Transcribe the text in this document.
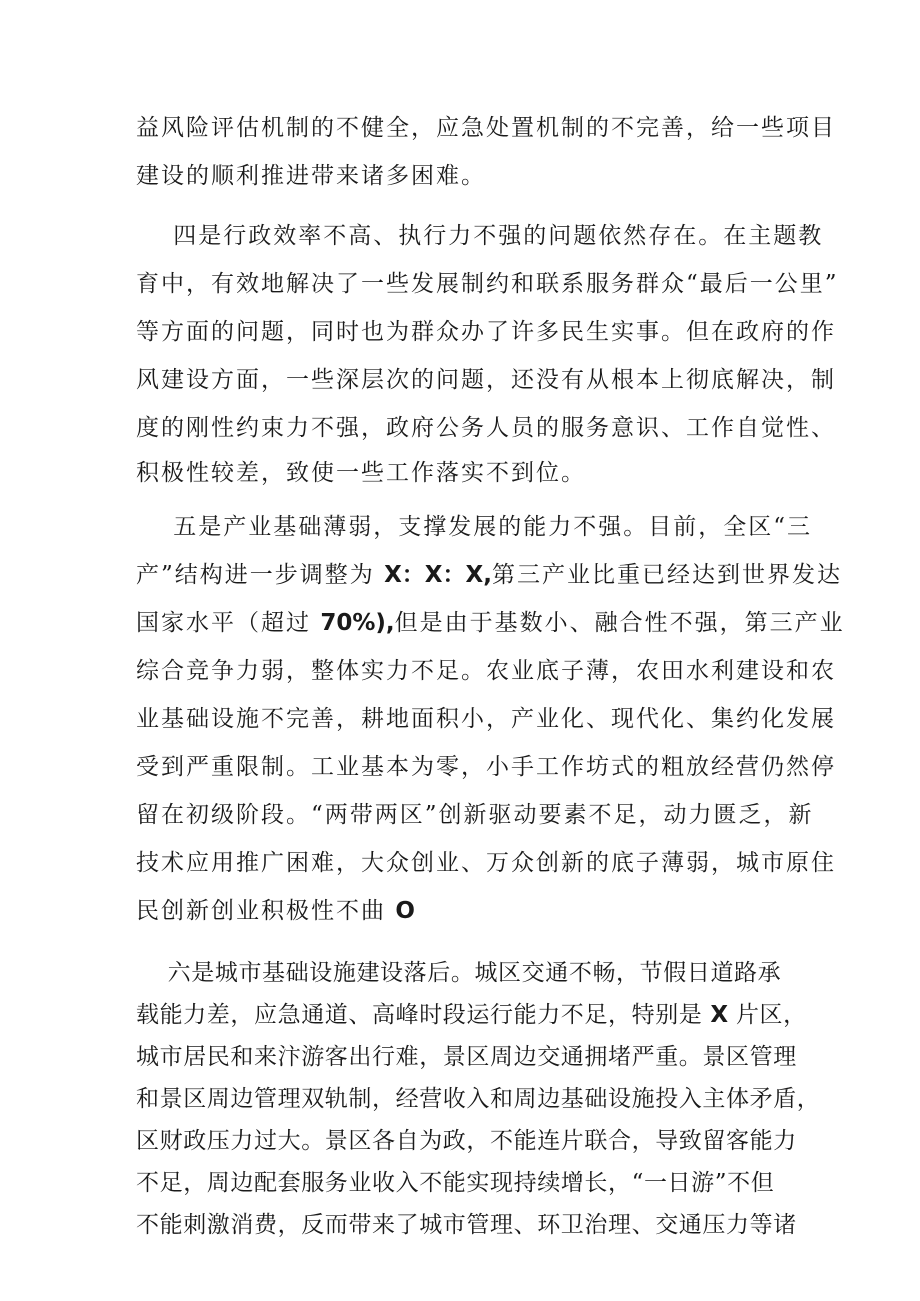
益风险评估机制的不健全，应急处置机制的不完善，给一些项目
建设的顺利推进带来诸多困难。
四是行政效率不高、执行力不强的问题依然存在。在主题教
育中，有效地解决了一些发展制约和联系服务群众“最后一公里”
等方面的问题，同时也为群众办了许多民生实事。但在政府的作
风建设方面，一些深层次的问题，还没有从根本上彻底解决，制
度的刚性约束力不强，政府公务人员的服务意识、工作自觉性、
积极性较差，致使一些工作落实不到位。
五是产业基础薄弱，支撑发展的能力不强。目前，全区“三
产”结构进一步调整为 X：X：X,第三产业比重已经达到世界发达
国家水平（超过 70%),但是由于基数小、融合性不强，第三产业
综合竞争力弱，整体实力不足。农业底子薄，农田水利建设和农
业基础设施不完善，耕地面积小，产业化、现代化、集约化发展
受到严重限制。工业基本为零，小手工作坊式的粗放经营仍然停
留在初级阶段。“两带两区”创新驱动要素不足，动力匮乏，新
技术应用推广困难，大众创业、万众创新的底子薄弱，城市原住
民创新创业积极性不曲 O
六是城市基础设施建设落后。城区交通不畅，节假日道路承
载能力差，应急通道、高峰时段运行能力不足，特别是 X 片区，
城市居民和来汴游客出行难，景区周边交通拥堵严重。景区管理
和景区周边管理双轨制，经营收入和周边基础设施投入主体矛盾，
区财政压力过大。景区各自为政，不能连片联合，导致留客能力
不足，周边配套服务业收入不能实现持续增长，“一日游”不但
不能刺激消费，反而带来了城市管理、环卫治理、交通压力等诸
